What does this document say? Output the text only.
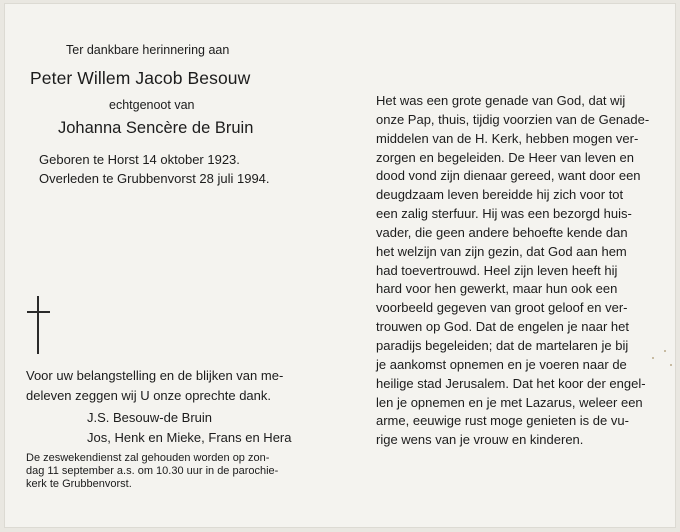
Ter dankbare herinnering aan
Peter Willem Jacob Besouw
echtgenoot van
Johanna Sencère de Bruin
Geboren te Horst 14 oktober 1923.
Overleden te Grubbenvorst 28 juli 1994.
Voor uw belangstelling en de blijken van me-
deleven zeggen wij U onze oprechte dank.
J.S. Besouw-de Bruin
Jos, Henk en Mieke, Frans en Hera
De zeswekendienst zal gehouden worden op zon-
dag 11 september a.s. om 10.30 uur in de parochie-
kerk te Grubbenvorst.
Het was een grote genade van God, dat wij
onze Pap, thuis, tijdig voorzien van de Genade-
middelen van de H. Kerk, hebben mogen ver-
zorgen en begeleiden. De Heer van leven en
dood vond zijn dienaar gereed, want door een
deugdzaam leven bereidde hij zich voor tot
een zalig sterfuur. Hij was een bezorgd huis-
vader, die geen andere behoefte kende dan
het welzijn van zijn gezin, dat God aan hem
had toevertrouwd. Heel zijn leven heeft hij
hard voor hen gewerkt, maar hun ook een
voorbeeld gegeven van groot geloof en ver-
trouwen op God. Dat de engelen je naar het
paradijs begeleiden; dat de martelaren je bij
je aankomst opnemen en je voeren naar de
heilige stad Jerusalem. Dat het koor der engel-
len je opnemen en je met Lazarus, weleer een
arme, eeuwige rust moge genieten is de vu-
rige wens van je vrouw en kinderen.
